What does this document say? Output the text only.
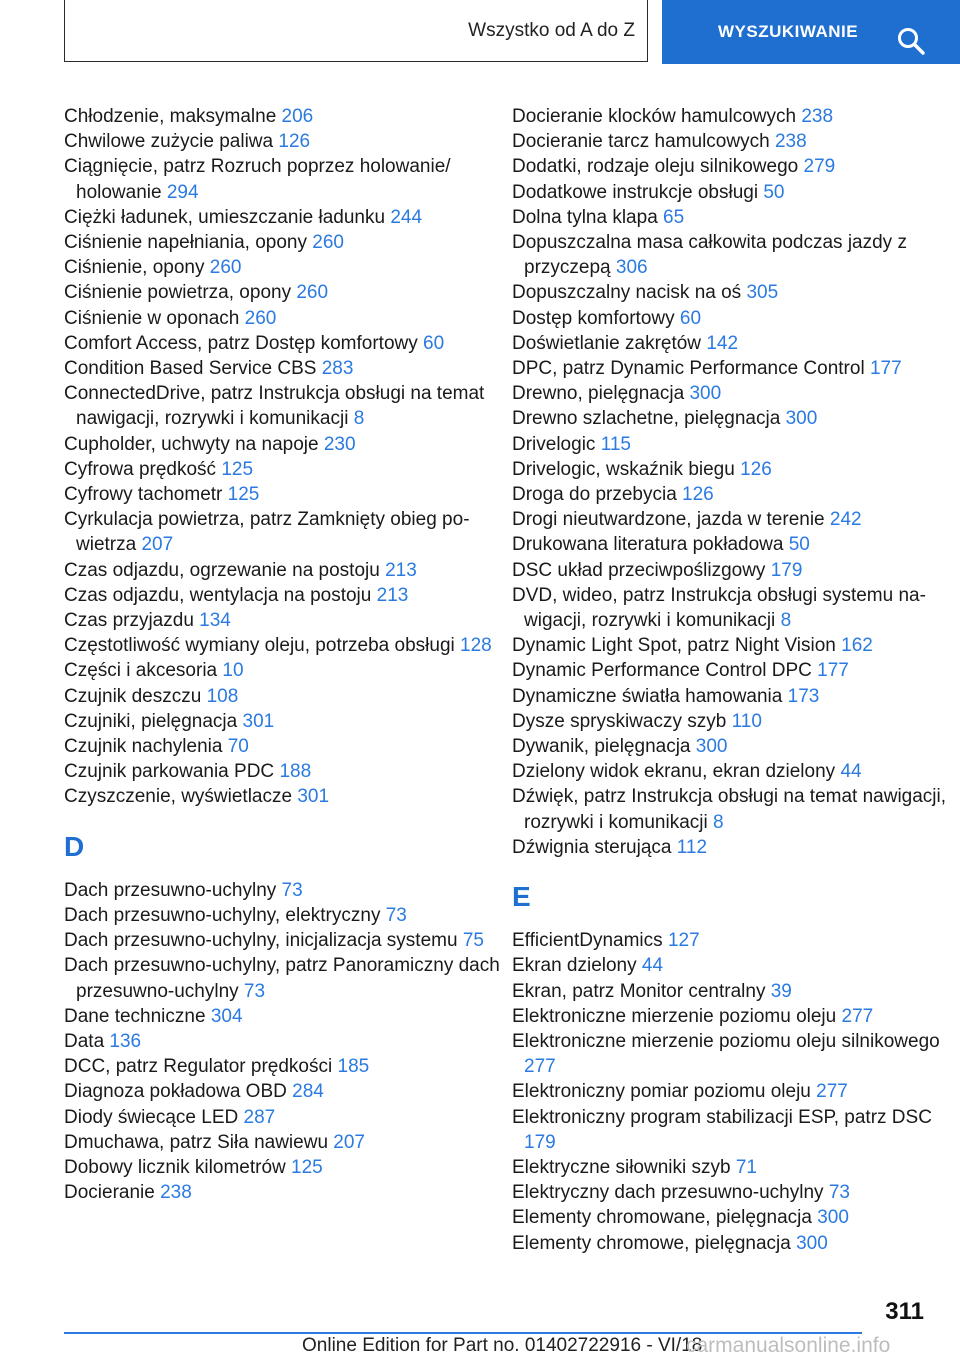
Wszystko od A do Z	WYSZUKIWANIE

Chłodzenie, maksymalne 206

Chwilowe zużycie paliwa 126

Ciągnięcie, patrz Rozruch poprzez holowanie/ holowanie 294

Ciężki ładunek, umieszczanie ładunku 244

Ciśnienie napełniania, opony 260

Ciśnienie, opony 260

Ciśnienie powietrza, opony 260

Ciśnienie w oponach 260

Comfort Access, patrz Dostęp komfortowy 60

Condition Based Service CBS 283

ConnectedDrive, patrz Instrukcja obsługi na temat nawigacji, rozrywki i komunikacji 8

Cupholder, uchwyty na napoje 230

Cyfrowa prędkość 125

Cyfrowy tachometr 125

Cyrkulacja powietrza, patrz Zamknięty obieg powietrza 207

Czas odjazdu, ogrzewanie na postoju 213

Czas odjazdu, wentylacja na postoju 213

Czas przyjazdu 134

Częstotliwość wymiany oleju, potrzeba obsługi 128

Części i akcesoria 10

Czujnik deszczu 108

Czujniki, pielęgnacja 301

Czujnik nachylenia 70

Czujnik parkowania PDC 188

Czyszczenie, wyświetlacze 301

D

Dach przesuwno-uchylny 73

Dach przesuwno-uchylny, elektryczny 73

Dach przesuwno-uchylny, inicjalizacja systemu 75

Dach przesuwno-uchylny, patrz Panoramiczny dach przesuwno-uchylny 73

Dane techniczne 304

Data 136

DCC, patrz Regulator prędkości 185

Diagnoza pokładowa OBD 284

Diody świecące LED 287

Dmuchawa, patrz Siła nawiewu 207

Dobowy licznik kilometrów 125

Docieranie 238

Docieranie klocków hamulcowych 238

Docieranie tarcz hamulcowych 238

Dodatki, rodzaje oleju silnikowego 279

Dodatkowe instrukcje obsługi 50

Dolna tylna klapa 65

Dopuszczalna masa całkowita podczas jazdy z przyczepą 306

Dopuszczalny nacisk na oś 305

Dostęp komfortowy 60

Doświetlanie zakrętów 142

DPC, patrz Dynamic Performance Control 177

Drewno, pielęgnacja 300

Drewno szlachetne, pielęgnacja 300

Drivelogic 115

Drivelogic, wskaźnik biegu 126

Droga do przebycia 126

Drogi nieutwardzone, jazda w terenie 242

Drukowana literatura pokładowa 50

DSC układ przeciwpoślizgowy 179

DVD, wideo, patrz Instrukcja obsługi systemu nawigacji, rozrywki i komunikacji 8

Dynamic Light Spot, patrz Night Vision 162

Dynamic Performance Control DPC 177

Dynamiczne światła hamowania 173

Dysze spryskiwaczy szyb 110

Dywanik, pielęgnacja 300

Dzielony widok ekranu, ekran dzielony 44

Dźwięk, patrz Instrukcja obsługi na temat nawigacji, rozrywki i komunikacji 8

Dźwignia sterująca 112

E

EfficientDynamics 127

Ekran dzielony 44

Ekran, patrz Monitor centralny 39

Elektroniczne mierzenie poziomu oleju 277

Elektroniczne mierzenie poziomu oleju silnikowego 277

Elektroniczny pomiar poziomu oleju 277

Elektroniczny program stabilizacji ESP, patrz DSC 179

Elektryczne siłowniki szyb 71

Elektryczny dach przesuwno-uchylny 73

Elementy chromowane, pielęgnacja 300

Elementy chromowe, pielęgnacja 300

311
Online Edition for Part no. 01402722916 - VI/18
carmanualsonline.info
